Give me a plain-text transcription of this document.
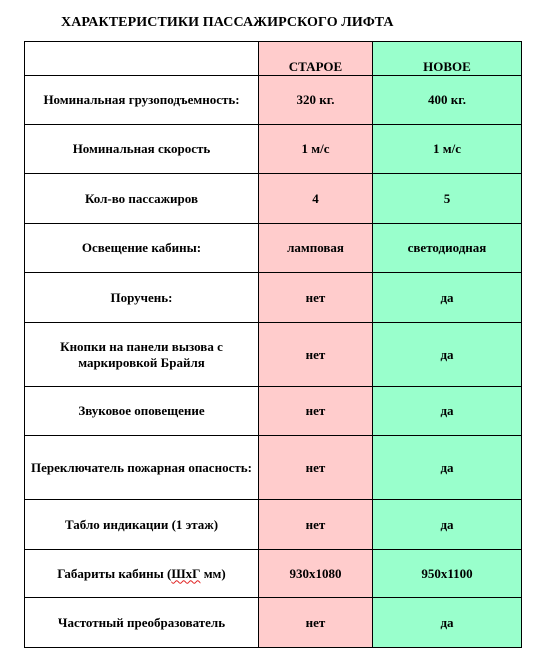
ХАРАКТЕРИСТИКИ ПАССАЖИРСКОГО ЛИФТА
	СТАРОЕ	НОВОЕ
Номинальная грузоподъемность:	320 кг.	400 кг.
Номинальная скорость	1 м/с	1 м/с
Кол-во пассажиров	4	5
Освещение кабины:	ламповая	светодиодная
Поручень:	нет	да
Кнопки на панели вызова с маркировкой Брайля	нет	да
Звуковое оповещение	нет	да
Переключатель пожарная опасность:	нет	да
Табло индикации (1 этаж)	нет	да
Габариты кабины (ШхГ мм)	930х1080	950х1100
Частотный преобразователь	нет	да
